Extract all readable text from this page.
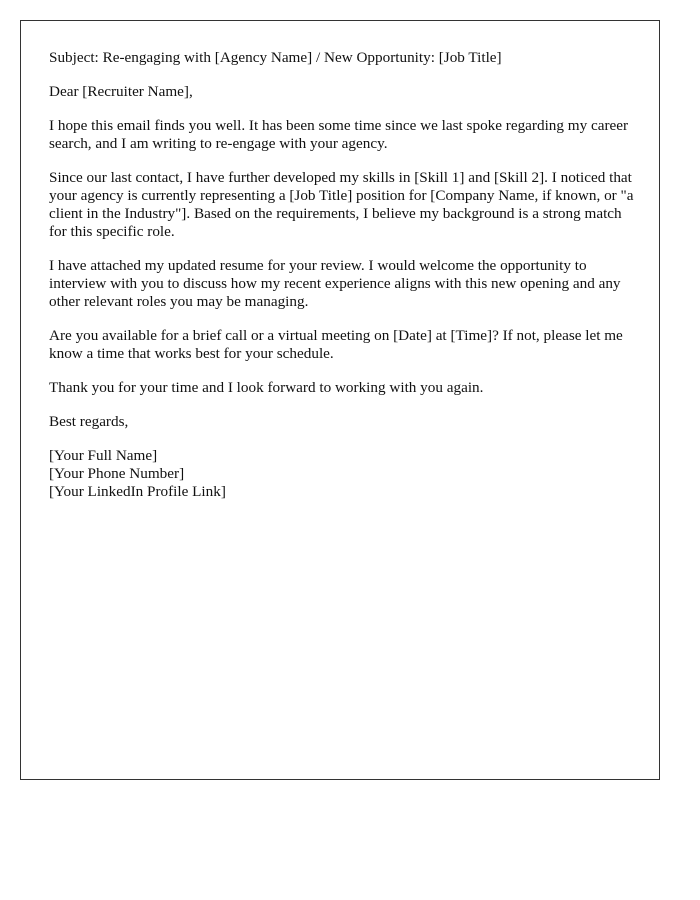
Subject: Re-engaging with [Agency Name] / New Opportunity: [Job Title]

Dear [Recruiter Name],

I hope this email finds you well. It has been some time since we last spoke regarding my career search, and I am writing to re-engage with your agency.

Since our last contact, I have further developed my skills in [Skill 1] and [Skill 2]. I noticed that your agency is currently representing a [Job Title] position for [Company Name, if known, or "a client in the Industry"]. Based on the requirements, I believe my background is a strong match for this specific role.

I have attached my updated resume for your review. I would welcome the opportunity to interview with you to discuss how my recent experience aligns with this new opening and any other relevant roles you may be managing.

Are you available for a brief call or a virtual meeting on [Date] at [Time]? If not, please let me know a time that works best for your schedule.

Thank you for your time and I look forward to working with you again.

Best regards,

[Your Full Name]
[Your Phone Number]
[Your LinkedIn Profile Link]
